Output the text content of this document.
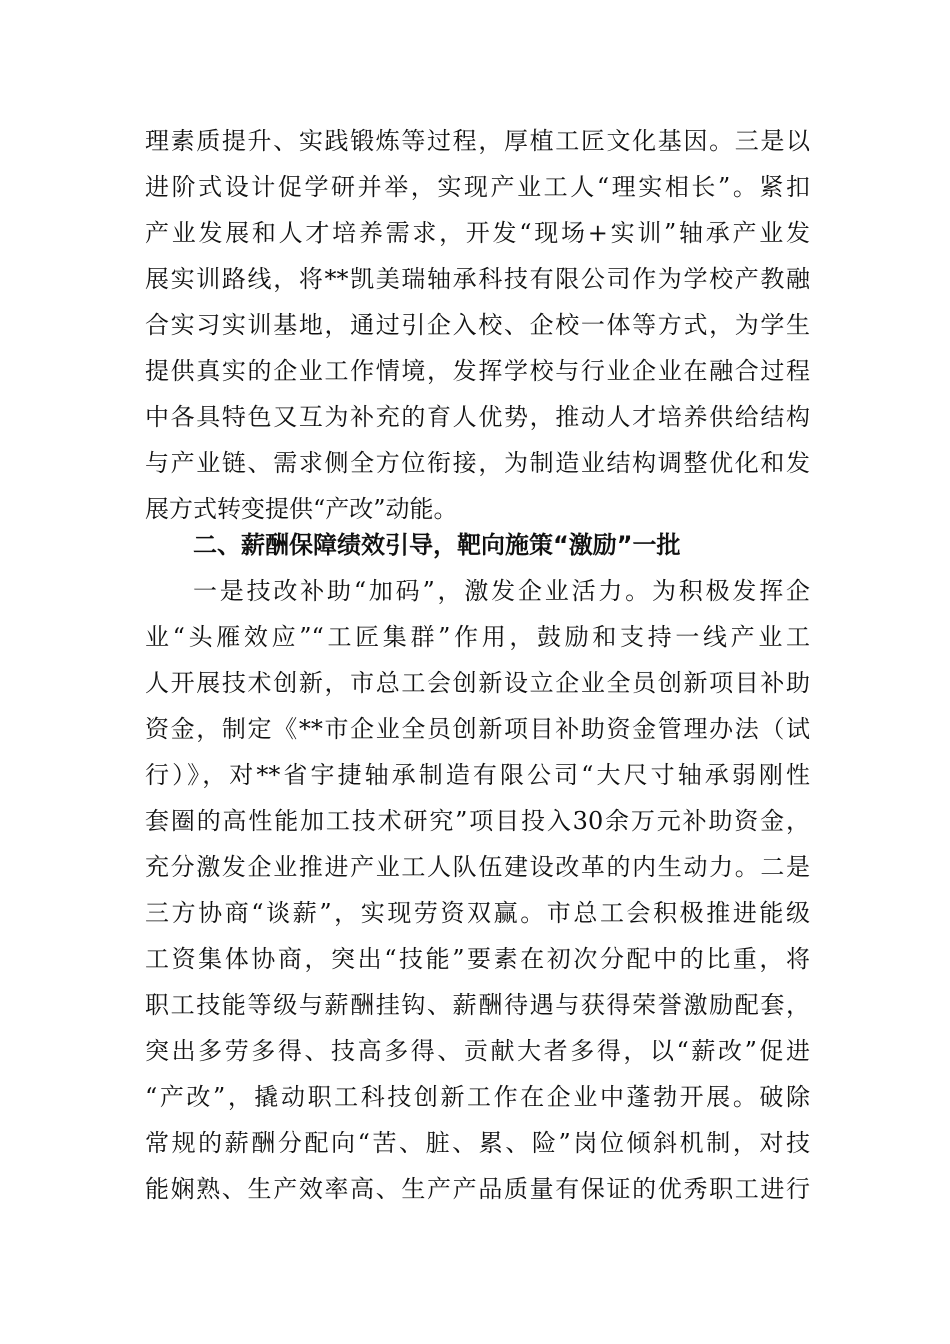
理素质提升、实践锻炼等过程，厚植工匠文化基因。三是以
进阶式设计促学研并举，实现产业工人“理实相长”。紧扣
产业发展和人才培养需求，开发“现场+实训”轴承产业发
展实训路线，将**凯美瑞轴承科技有限公司作为学校产教融
合实习实训基地，通过引企入校、企校一体等方式，为学生
提供真实的企业工作情境，发挥学校与行业企业在融合过程
中各具特色又互为补充的育人优势，推动人才培养供给结构
与产业链、需求侧全方位衔接，为制造业结构调整优化和发
展方式转变提供“产改”动能。
二、薪酬保障绩效引导，靶向施策“激励”一批
一是技改补助“加码”，激发企业活力。为积极发挥企
业“头雁效应”“工匠集群”作用，鼓励和支持一线产业工
人开展技术创新，市总工会创新设立企业全员创新项目补助
资金，制定《**市企业全员创新项目补助资金管理办法（试
行）》，对**省宇捷轴承制造有限公司“大尺寸轴承弱刚性
套圈的高性能加工技术研究”项目投入30余万元补助资金，
充分激发企业推进产业工人队伍建设改革的内生动力。二是
三方协商“谈薪”，实现劳资双赢。市总工会积极推进能级
工资集体协商，突出“技能”要素在初次分配中的比重，将
职工技能等级与薪酬挂钩、薪酬待遇与获得荣誉激励配套，
突出多劳多得、技高多得、贡献大者多得，以“薪改”促进
“产改”，撬动职工科技创新工作在企业中蓬勃开展。破除
常规的薪酬分配向“苦、脏、累、险”岗位倾斜机制，对技
能娴熟、生产效率高、生产产品质量有保证的优秀职工进行
